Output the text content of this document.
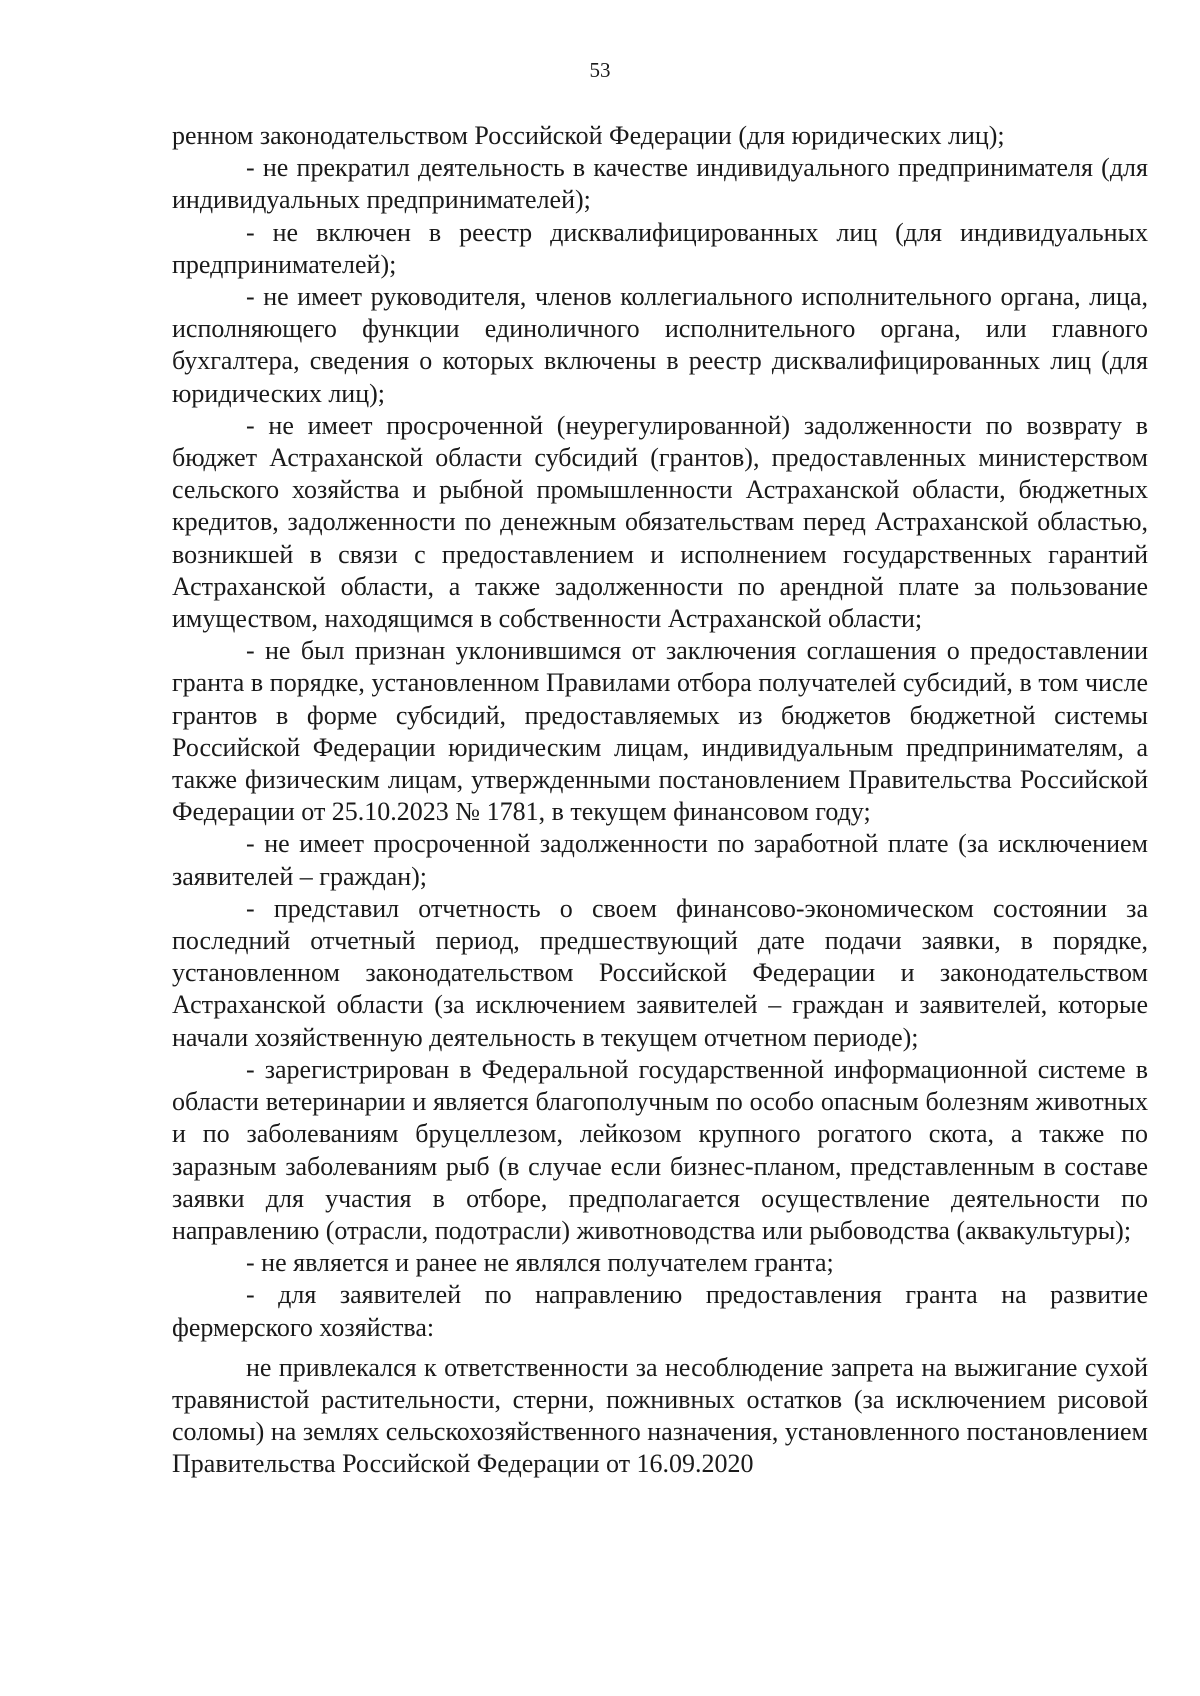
53

ренном законодательством Российской Федерации (для юридических лиц);

- не прекратил деятельность в качестве индивидуального предпринимателя (для индивидуальных предпринимателей);

- не включен в реестр дисквалифицированных лиц (для индивидуальных предпринимателей);

- не имеет руководителя, членов коллегиального исполнительного органа, лица, исполняющего функции единоличного исполнительного органа, или главного бухгалтера, сведения о которых включены в реестр дисквалифицированных лиц (для юридических лиц);

- не имеет просроченной (неурегулированной) задолженности по возврату в бюджет Астраханской области субсидий (грантов), предоставленных министерством сельского хозяйства и рыбной промышленности Астраханской области, бюджетных кредитов, задолженности по денежным обязательствам перед Астраханской областью, возникшей в связи с предоставлением и исполнением государственных гарантий Астраханской области, а также задолженности по арендной плате за пользование имуществом, находящимся в собственности Астраханской области;

- не был признан уклонившимся от заключения соглашения о предоставлении гранта в порядке, установленном Правилами отбора получателей субсидий, в том числе грантов в форме субсидий, предоставляемых из бюджетов бюджетной системы Российской Федерации юридическим лицам, индивидуальным предпринимателям, а также физическим лицам, утвержденными постановлением Правительства Российской Федерации от 25.10.2023 № 1781, в текущем финансовом году;

- не имеет просроченной задолженности по заработной плате (за исключением заявителей – граждан);

- представил отчетность о своем финансово-экономическом состоянии за последний отчетный период, предшествующий дате подачи заявки, в порядке, установленном законодательством Российской Федерации и законодательством Астраханской области (за исключением заявителей – граждан и заявителей, которые начали хозяйственную деятельность в текущем отчетном периоде);

- зарегистрирован в Федеральной государственной информационной системе в области ветеринарии и является благополучным по особо опасным болезням животных и по заболеваниям бруцеллезом, лейкозом крупного рогатого скота, а также по заразным заболеваниям рыб (в случае если бизнес-планом, представленным в составе заявки для участия в отборе, предполагается осуществление деятельности по направлению (отрасли, подотрасли) животноводства или рыбоводства (аквакультуры);

- не является и ранее не являлся получателем гранта;

- для заявителей по направлению предоставления гранта на развитие фермерского хозяйства:

не привлекался к ответственности за несоблюдение запрета на выжигание сухой травянистой растительности, стерни, пожнивных остатков (за исключением рисовой соломы) на землях сельскохозяйственного назначения, установленного постановлением Правительства Российской Федерации от 16.09.2020
